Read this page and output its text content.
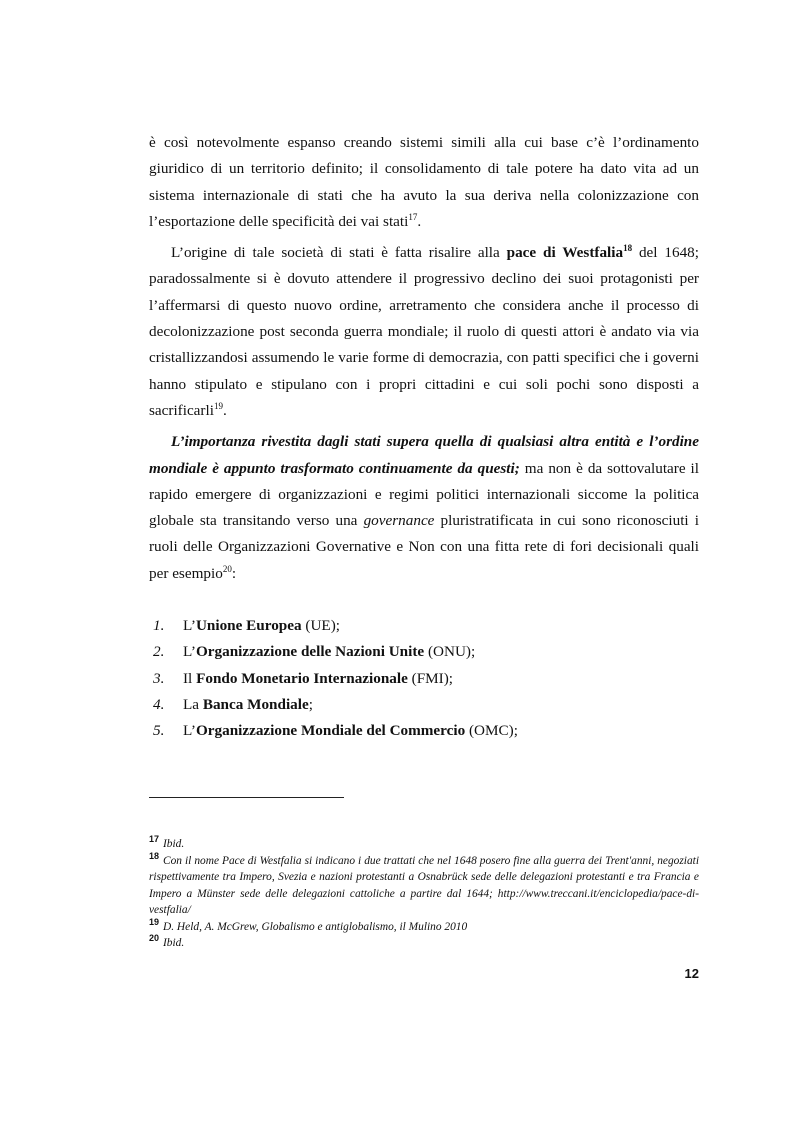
è così notevolmente espanso creando sistemi simili alla cui base c’è l’ordinamento giuridico di un territorio definito; il consolidamento di tale potere ha dato vita ad un sistema internazionale di stati che ha avuto la sua deriva nella colonizzazione con l’esportazione delle specificità dei vai stati$^{17}$.

L’origine di tale società di stati è fatta risalire alla pace di Westfalia$^{18}$ del 1648; paradossalmente si è dovuto attendere il progressivo declino dei suoi protagonisti per l’affermarsi di questo nuovo ordine, arretramento che considera anche il processo di decolonizzazione post seconda guerra mondiale; il ruolo di questi attori è andato via via cristallizzandosi assumendo le varie forme di democrazia, con patti specifici che i governi hanno stipulato e stipulano con i propri cittadini e cui soli pochi sono disposti a sacrificarli$^{19}$.

L’importanza rivestita dagli stati supera quella di qualsiasi altra entità e l’ordine mondiale è appunto trasformato continuamente da questi; ma non è da sottovalutare il rapido emergere di organizzazioni e regimi politici internazionali siccome la politica globale sta transitando verso una governance pluristratificata in cui sono riconosciuti i ruoli delle Organizzazioni Governative e Non con una fitta rete di fori decisionali quali per esempio$^{20}$:

1.	L’Unione Europea (UE);
2.	L’Organizzazione delle Nazioni Unite (ONU);
3.	Il Fondo Monetario Internazionale (FMI);
4.	La Banca Mondiale;
5.	L’Organizzazione Mondiale del Commercio (OMC);

$^{17}$ Ibid.

$^{18}$ Con il nome Pace di Westfalia si indicano i due trattati che nel 1648 posero fine alla guerra dei Trent'anni, negoziati rispettivamente tra Impero, Svezia e nazioni protestanti a Osnabrück sede delle delegazioni protestanti e tra Francia e Impero a Münster sede delle delegazioni cattoliche a partire dal 1644; http://www.treccani.it/enciclopedia/pace-di-vestfalia/

$^{19}$ D. Held, A. McGrew, Globalismo e antiglobalismo, il Mulino 2010

$^{20}$ Ibid.

12
